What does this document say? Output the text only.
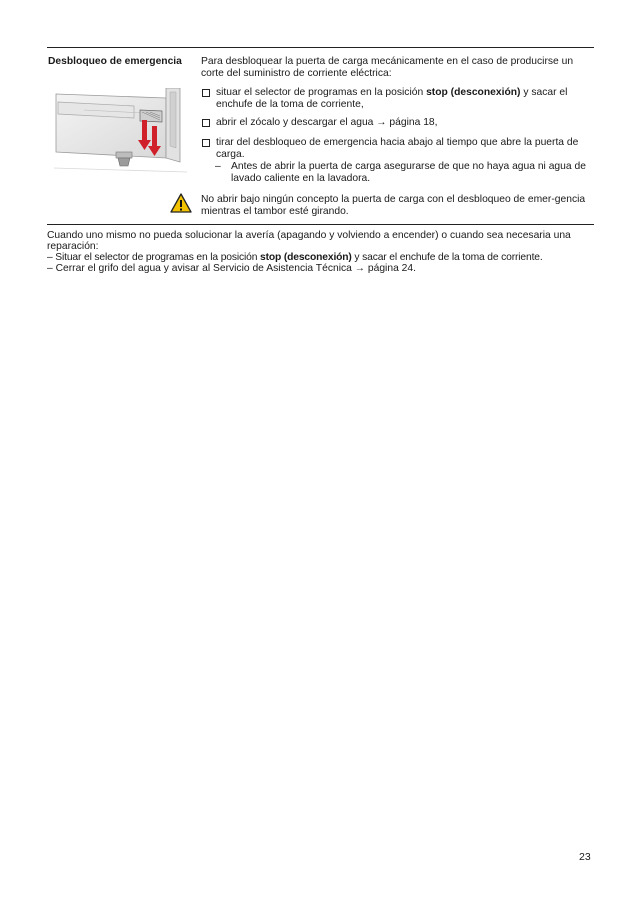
Desbloqueo de emergencia Para desbloquear la puerta de carga mecánicamente en el caso de producirse un corte del suministro de corriente eléctrica:
situar el selector de programas en la posición stop (desconexión) y sacar el enchufe de la toma de corriente,
abrir el zócalo y descargar el agua → página 18,
tirar del desbloqueo de emergencia hacia abajo al tiempo que abre la puerta de carga.
– Antes de abrir la puerta de carga asegurarse de que no haya agua ni agua de lavado caliente en la lavadora.
No abrir bajo ningún concepto la puerta de carga con el desbloqueo de emer-gencia mientras el tambor esté girando.
Cuando uno mismo no pueda solucionar la avería (apagando y volviendo a encender) o cuando sea necesaria una reparación:
– Situar el selector de programas en la posición stop (desconexión) y sacar el enchufe de la toma de corriente.
– Cerrar el grifo del agua y avisar al Servicio de Asistencia Técnica → página 24.
23
